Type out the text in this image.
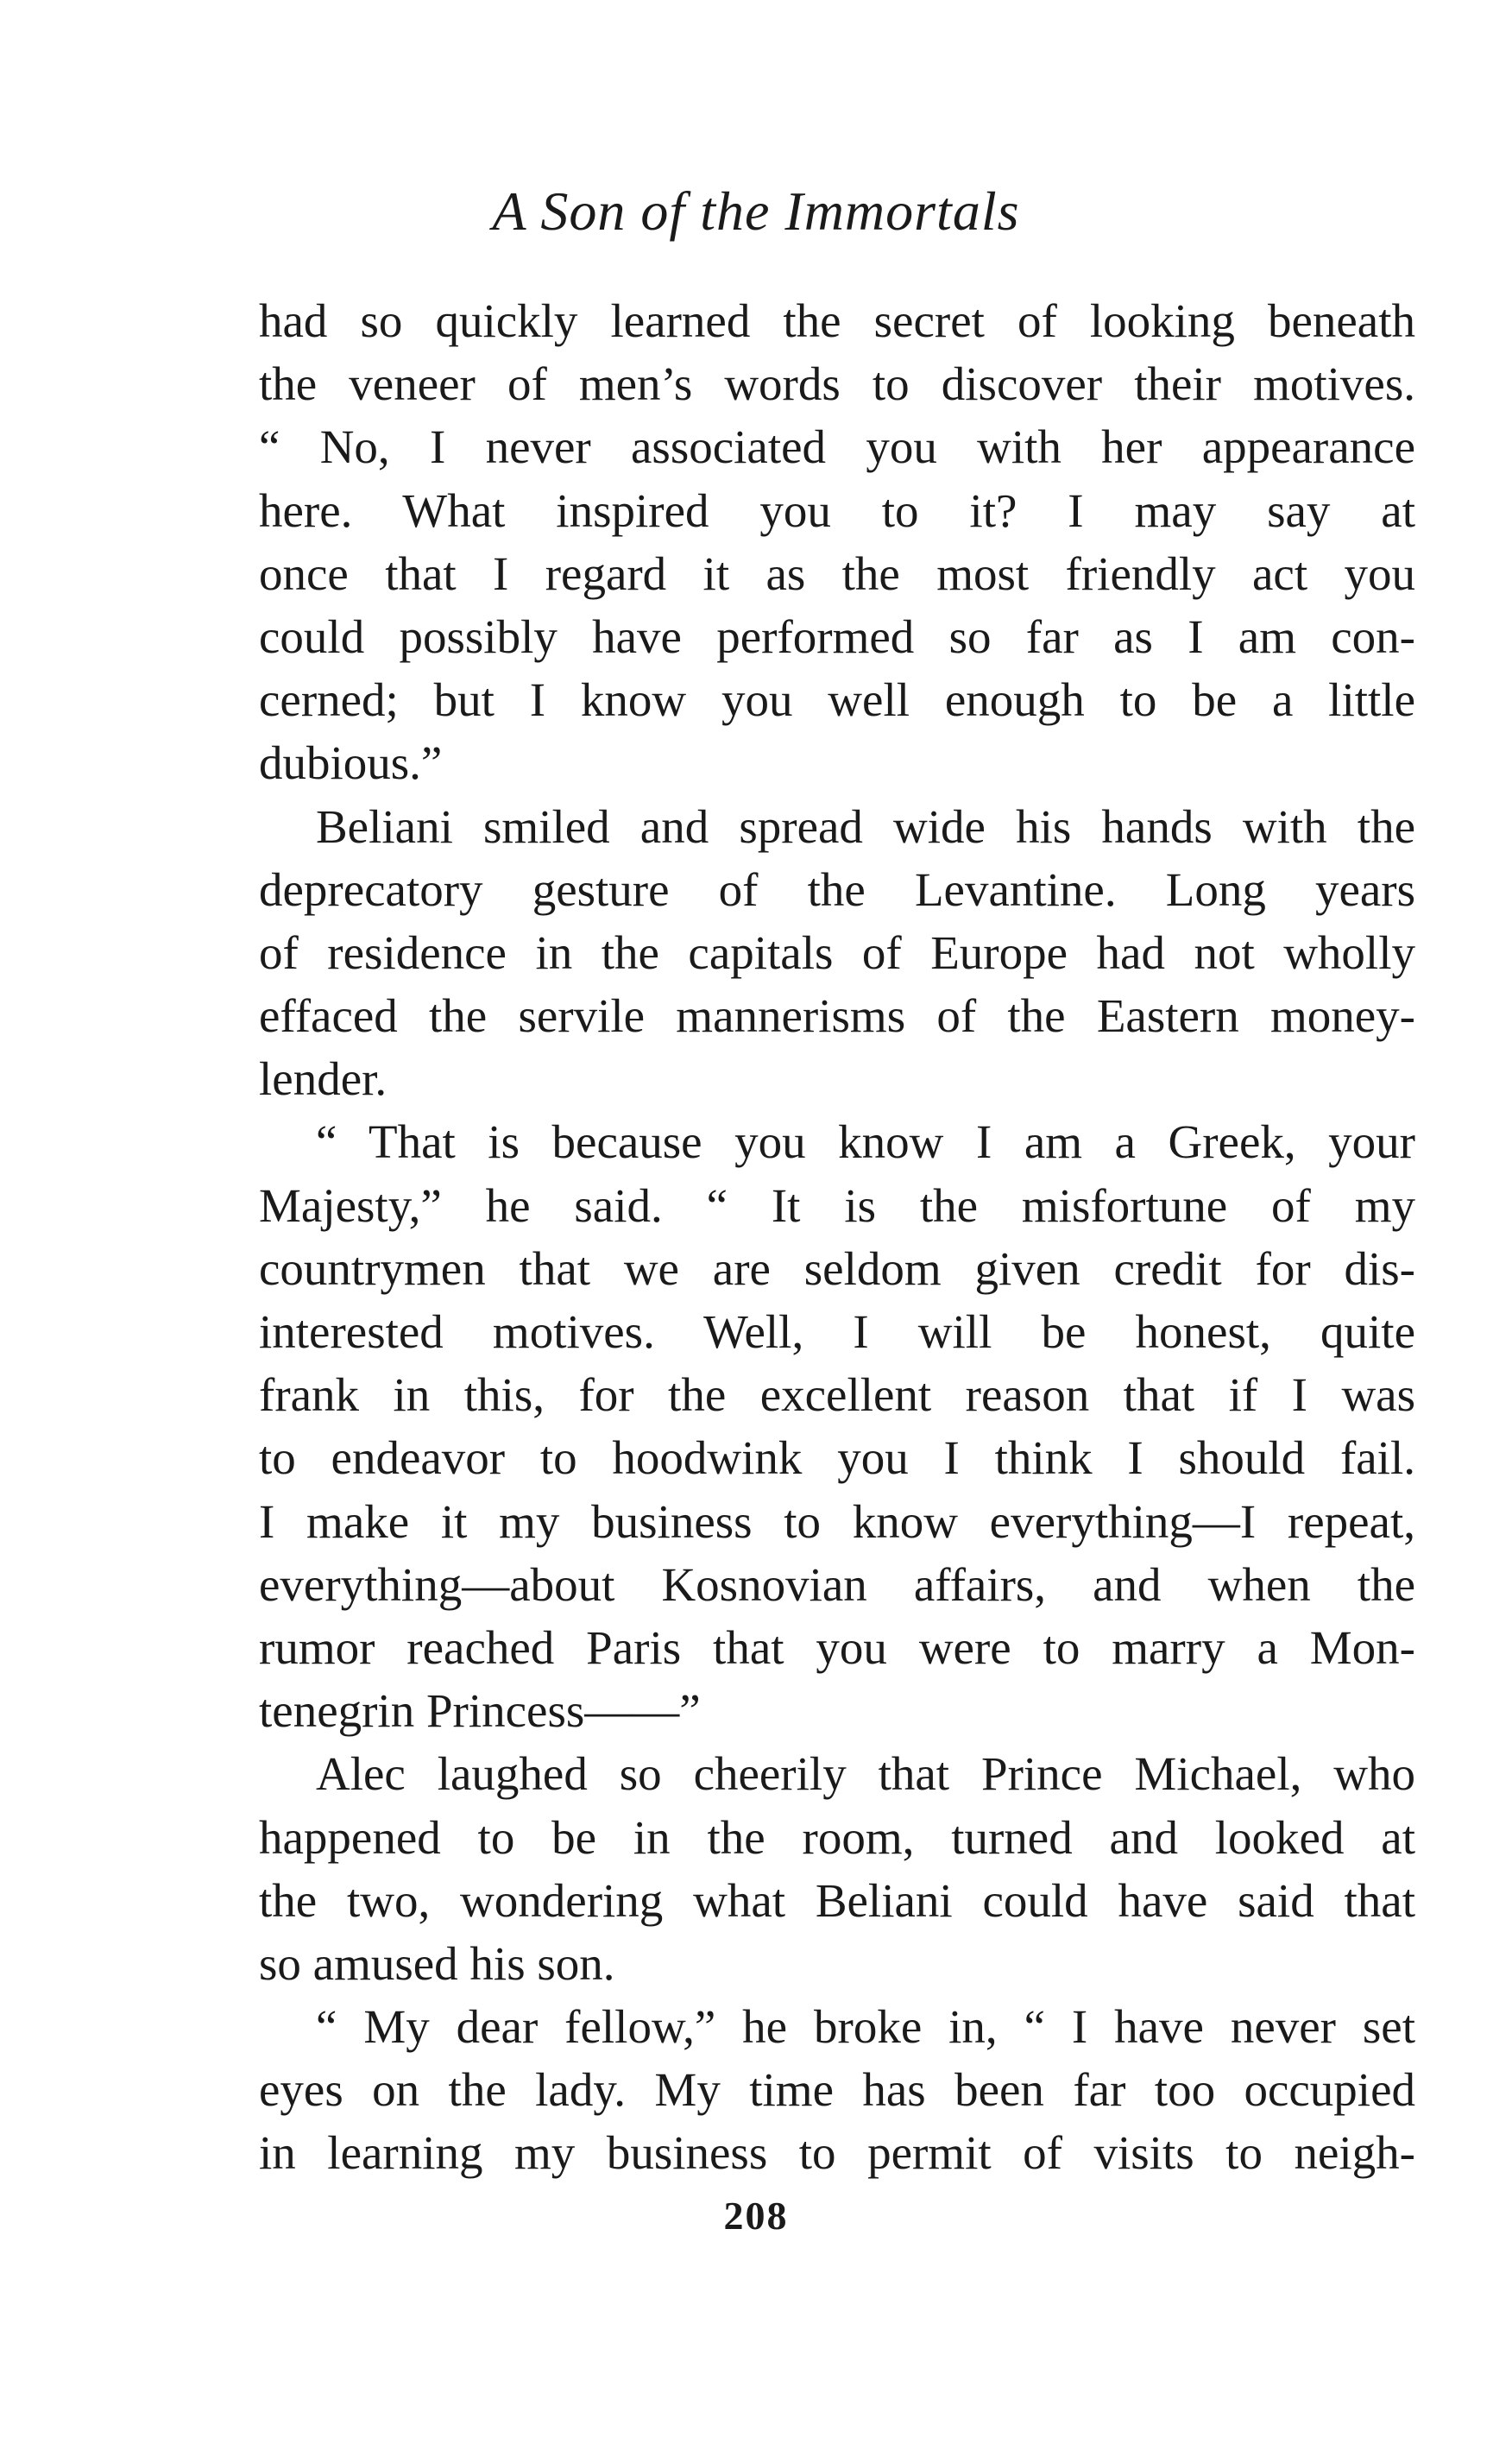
A Son of the Immortals
had so quickly learned the secret of looking beneath
the veneer of men’s words to discover their motives.
“ No, I never associated you with her appearance
here. What inspired you to it? I may say at
once that I regard it as the most friendly act you
could possibly have performed so far as I am con-
cerned; but I know you well enough to be a little
dubious.”
Beliani smiled and spread wide his hands with the
deprecatory gesture of the Levantine. Long years
of residence in the capitals of Europe had not wholly
effaced the servile mannerisms of the Eastern money-
lender.
“ That is because you know I am a Greek, your
Majesty,” he said. “ It is the misfortune of my
countrymen that we are seldom given credit for dis-
interested motives. Well, I will be honest, quite
frank in this, for the excellent reason that if I was
to endeavor to hoodwink you I think I should fail.
I make it my business to know everything—I repeat,
everything—about Kosnovian affairs, and when the
rumor reached Paris that you were to marry a Mon-
tenegrin Princess——”
Alec laughed so cheerily that Prince Michael, who
happened to be in the room, turned and looked at
the two, wondering what Beliani could have said that
so amused his son.
“ My dear fellow,” he broke in, “ I have never set
eyes on the lady. My time has been far too occupied
in learning my business to permit of visits to neigh-
208
